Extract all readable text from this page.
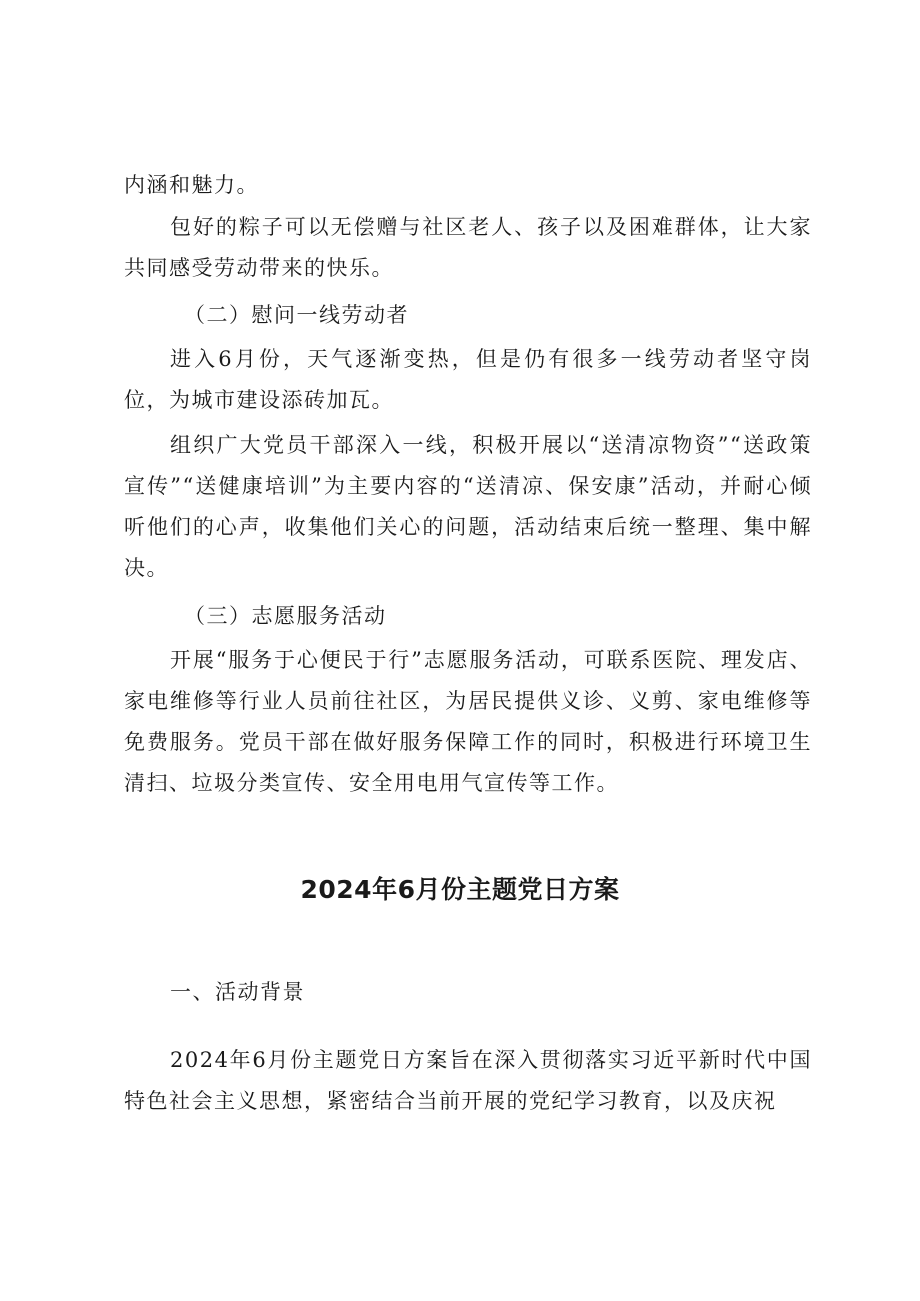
内涵和魅力。

包好的粽子可以无偿赠与社区老人、孩子以及困难群体，让大家共同感受劳动带来的快乐。

（二）慰问一线劳动者

进入6月份，天气逐渐变热，但是仍有很多一线劳动者坚守岗位，为城市建设添砖加瓦。

组织广大党员干部深入一线，积极开展以“送清凉物资”“送政策宣传”“送健康培训”为主要内容的“送清凉、保安康”活动，并耐心倾听他们的心声，收集他们关心的问题，活动结束后统一整理、集中解决。

（三）志愿服务活动

开展“服务于心便民于行”志愿服务活动，可联系医院、理发店、家电维修等行业人员前往社区，为居民提供义诊、义剪、家电维修等免费服务。党员干部在做好服务保障工作的同时，积极进行环境卫生清扫、垃圾分类宣传、安全用电用气宣传等工作。

2024年6月份主题党日方案

一、活动背景

2024年6月份主题党日方案旨在深入贯彻落实习近平新时代中国特色社会主义思想，紧密结合当前开展的党纪学习教育，以及庆祝
